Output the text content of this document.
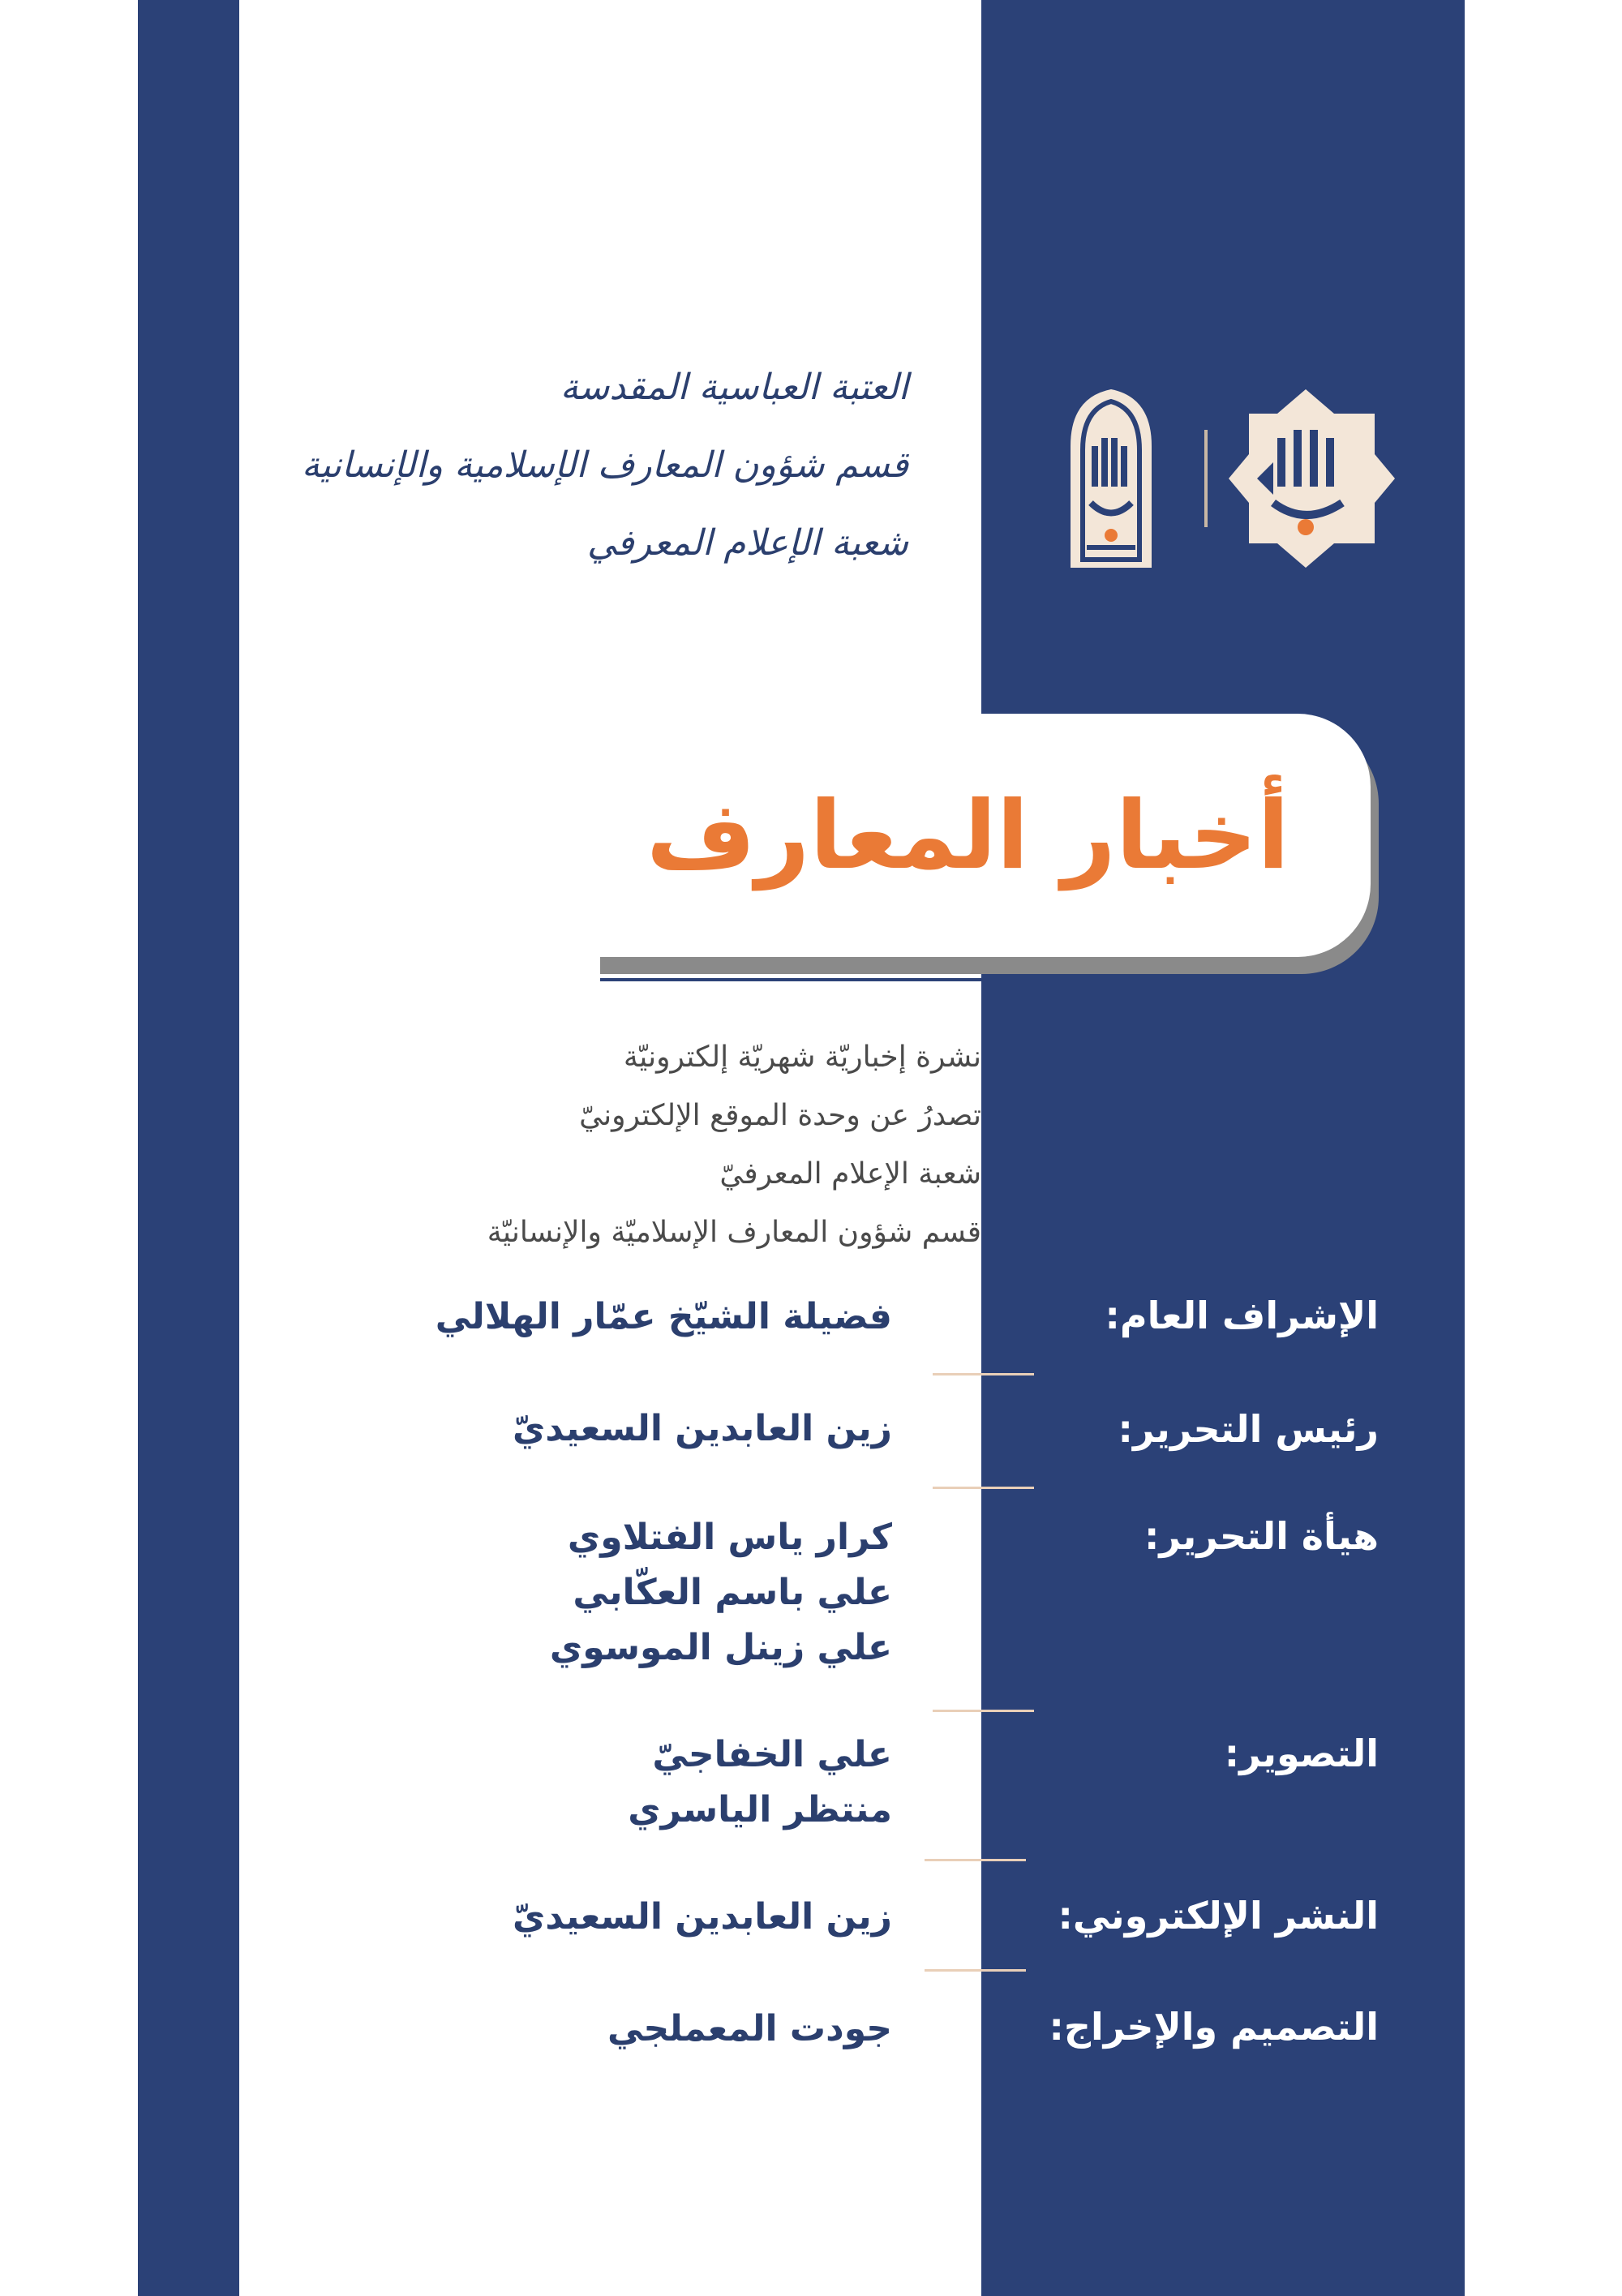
العتبة العباسية المقدسة
قسم شؤون المعارف الإسلامية والإنسانية
شعبة الإعلام المعرفي
أخبار المعارف
نشرة إخباريّة شهريّة إلكترونيّة
تصدرُ عن وحدة الموقع الإلكترونيّ
شعبة الإعلام المعرفيّ
قسم شؤون المعارف الإسلاميّة والإنسانيّة
الإشراف العام:
فضيلة الشيّخ عمّار الهلالي
رئيس التحرير:
زين العابدين السعيديّ
هيأة التحرير:
كرار ياس الفتلاوي
علي باسم العكّابي
علي زينل الموسوي
التصوير:
علي الخفاجيّ
منتظر الياسري
النشر الإلكتروني:
زين العابدين السعيديّ
التصميم والإخراج:
جودت المعملجي
